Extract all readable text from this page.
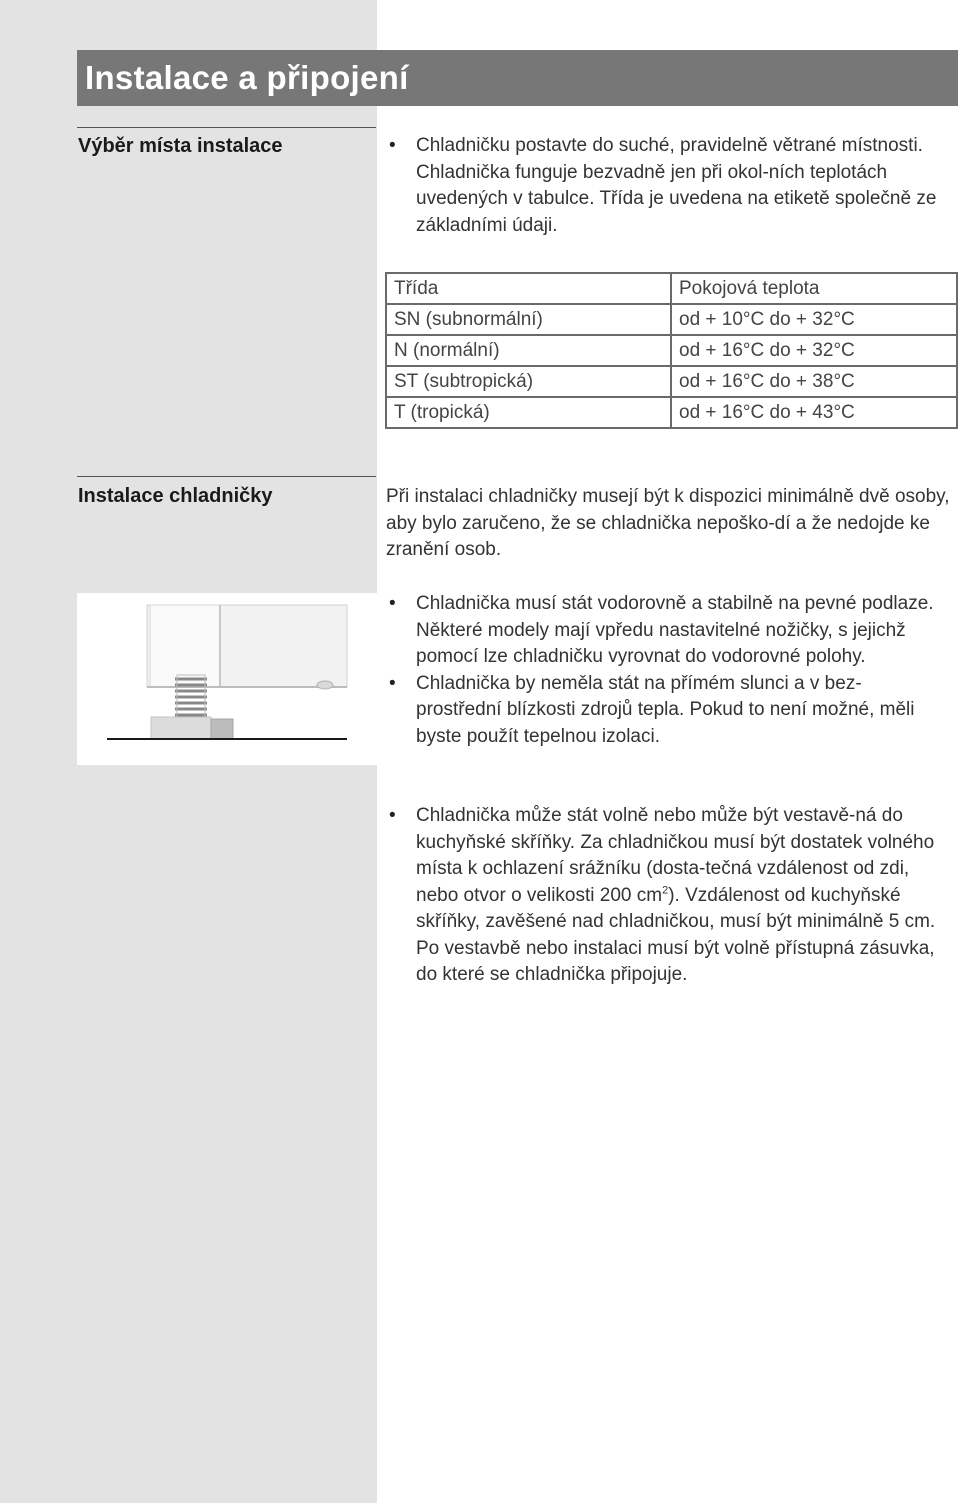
Instalace a připojení
Výběr místa instalace	• Chladničku postavte do suché, pravidelně větrané místnosti. Chladnička funguje bezvadně jen při okol-ních teplotách uvedených v tabulce. Třída je uvedena na etiketě společně ze základními údaji.
Třída	Pokojová teplota
SN (subnormální)	od + 10°C do + 32°C
N (normální)	od + 16°C do + 32°C
ST (subtropická)	od + 16°C do + 38°C
T (tropická)	od + 16°C do + 43°C
Instalace chladničky	Při instalaci chladničky musejí být k dispozici minimálně dvě osoby, aby bylo zaručeno, že se chladnička nepoško-dí a že nedojde ke zranění osob.

• Chladnička musí stát vodorovně a stabilně na pevné podlaze. Některé modely mají vpředu nastavitelné nožičky, s jejichž pomocí lze chladničku vyrovnat do vodorovné polohy.
• Chladnička by neměla stát na přímém slunci a v bez-prostřední blízkosti zdrojů tepla. Pokud to není možné, měli byste použít tepelnou izolaci.
• Chladnička může stát volně nebo může být vestavě-ná do kuchyňské skříňky. Za chladničkou musí být dostatek volného místa k ochlazení srážníku (dosta-tečná vzdálenost od zdi, nebo otvor o velikosti 200 $cm^2$). Vzdálenost od kuchyňské skříňky, zavěšené nad chladničkou, musí být minimálně 5 cm.
Po vestavbě nebo instalaci musí být volně přístupná zásuvka, do které se chladnička připojuje.
